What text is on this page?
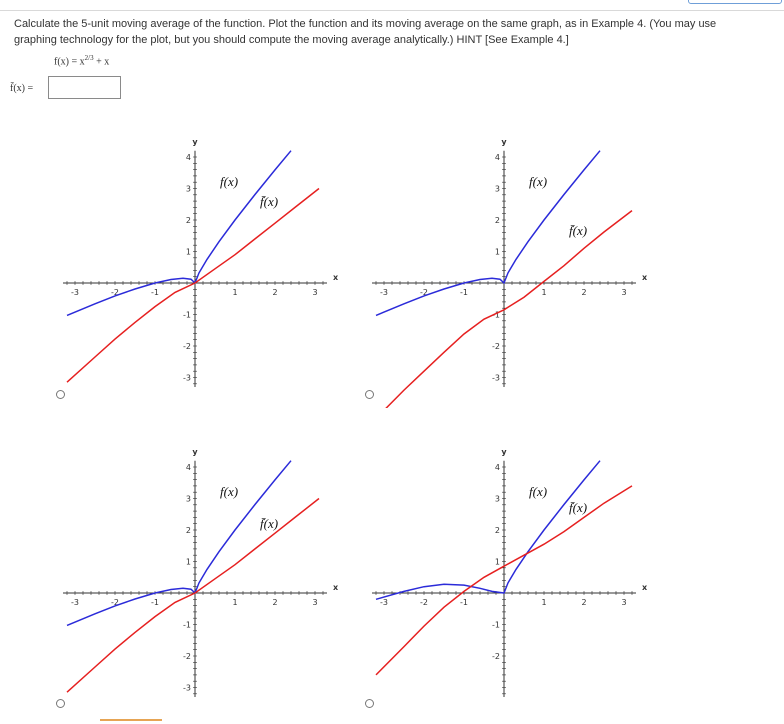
Calculate the 5-unit moving average of the function. Plot the function and its moving average on the same graph, as in Example 4. (You may use graphing technology for the plot, but you should compute the moving average analytically.) HINT [See Example 4.]
$f(x) = x^{2/3} + x$
f̄(x) =
-3	-2	-1	1	2	3
4
3
2
1
-1
-2
-3
x
y
f(x)
f̄(x)
-3	-2	-1	1	2	3
4
3
2
1
-1
-2
-3
x
y
f(x)
f̄(x)
-3	-2	-1	1	2	3
4
3
2
1
-1
-2
-3
x
y
f(x)
f̄(x)
-3	-2	-1	1	2	3
4
3
2
1
-1
-2
x
y
f(x)
f̄(x)
